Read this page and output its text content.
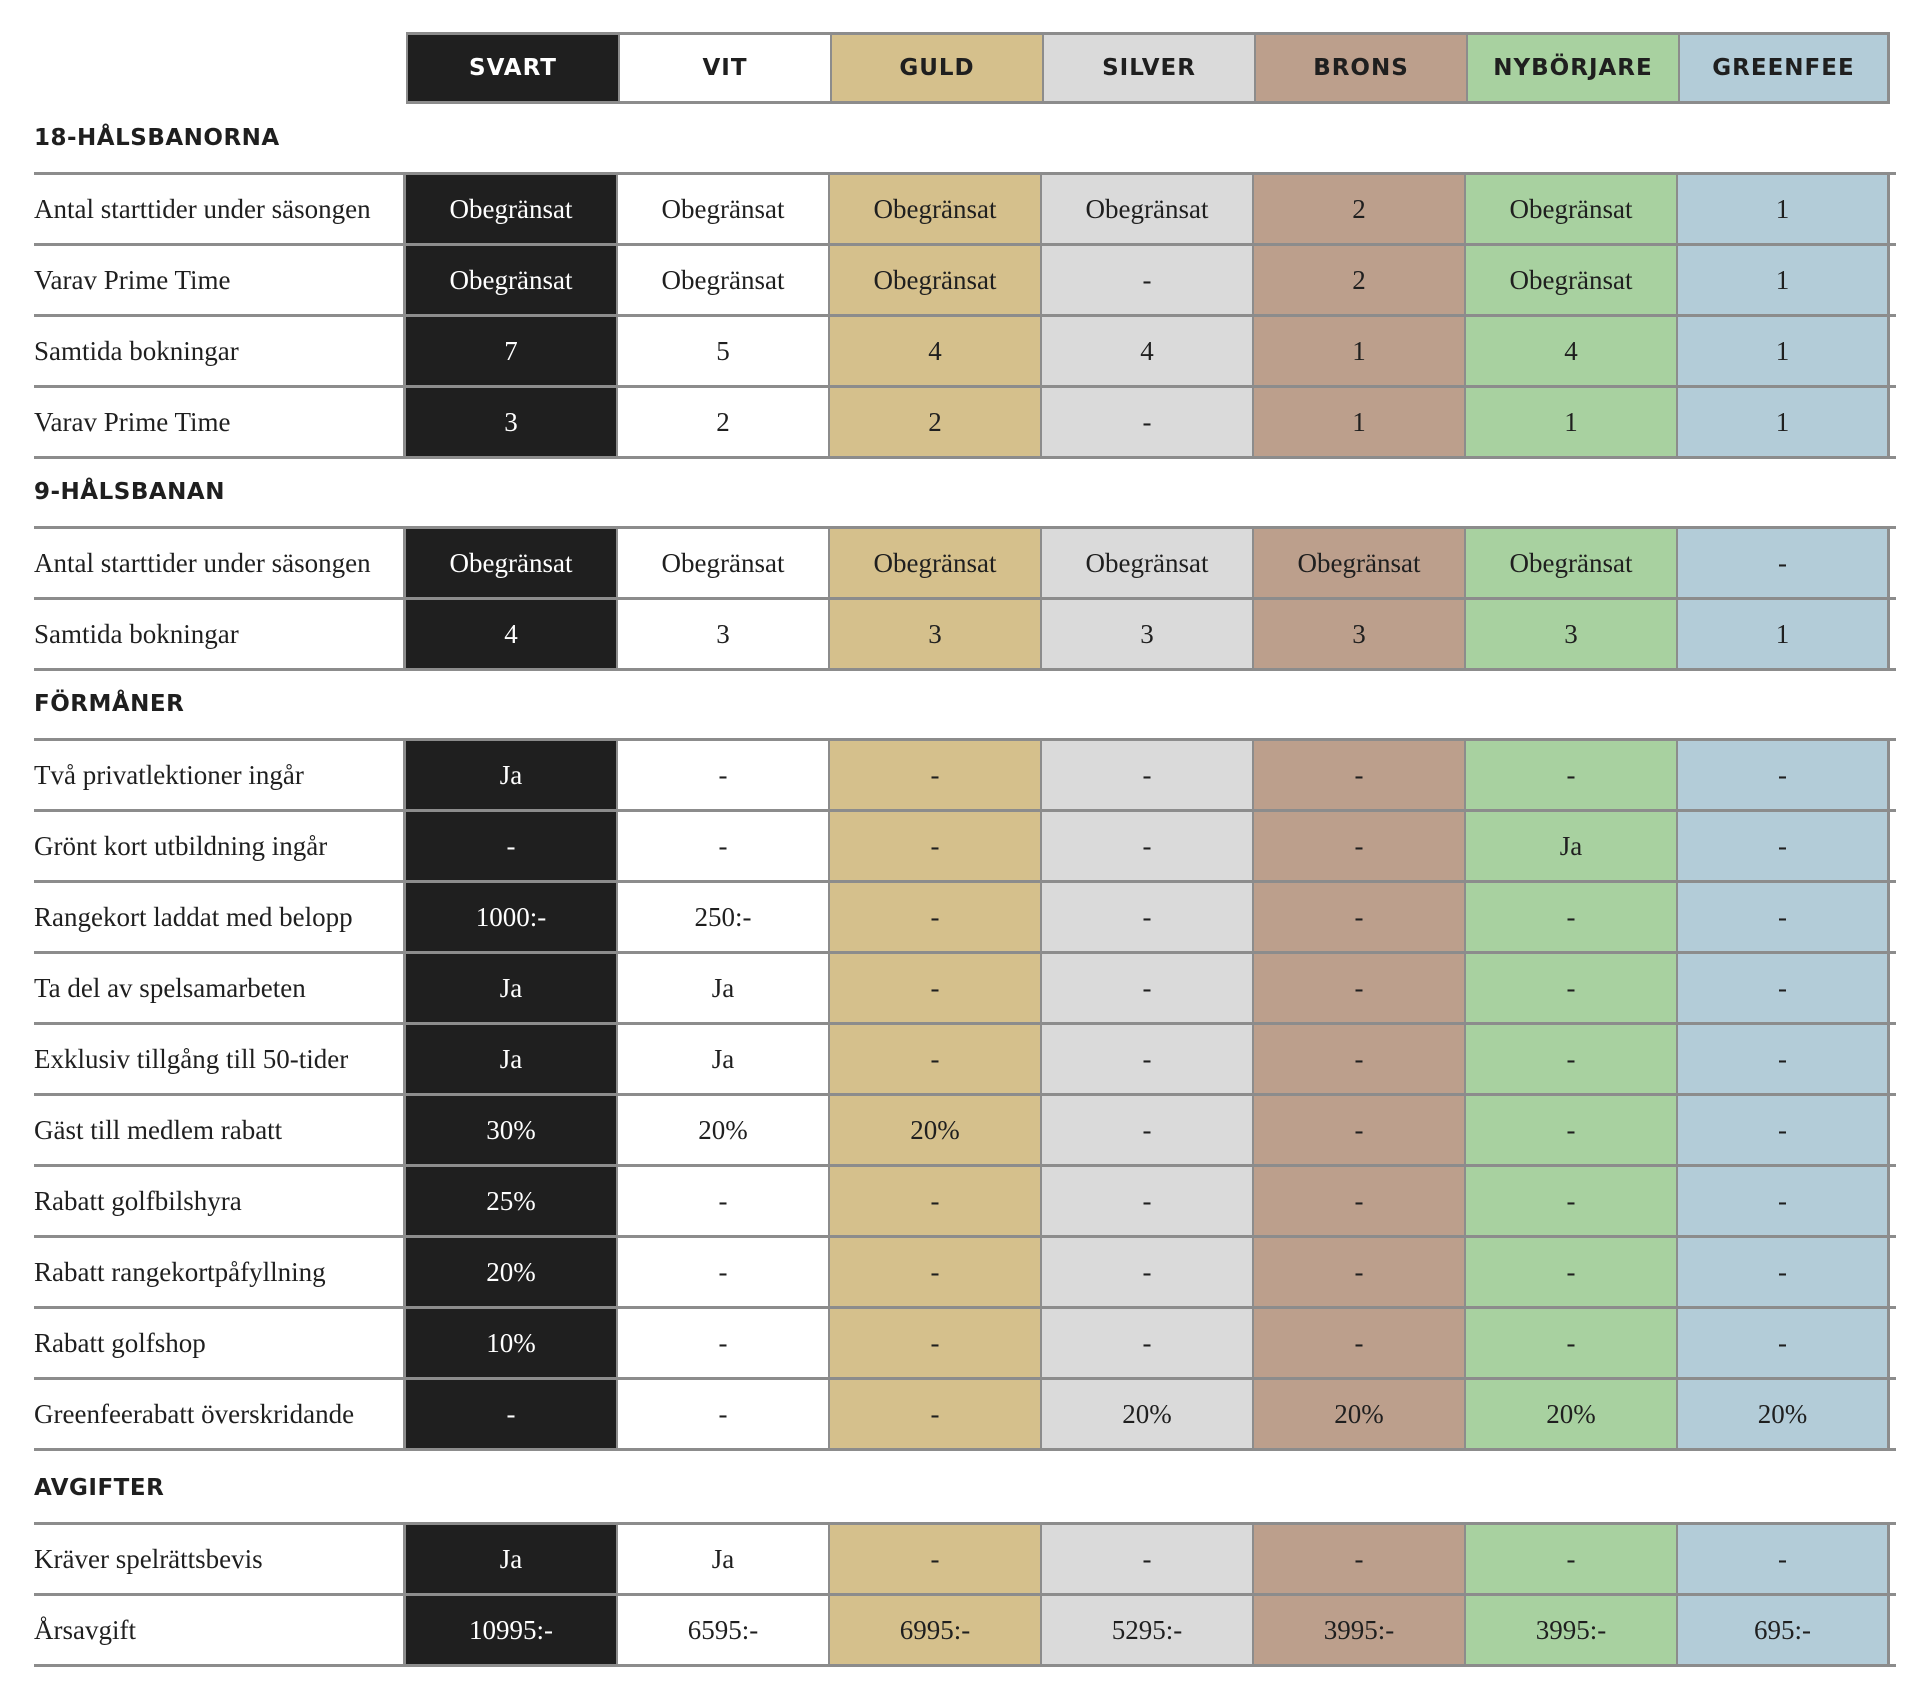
SVART	VIT	GULD	SILVER	BRONS	NYBÖRJARE	GREENFEE
18-HÅLSBANORNA
Antal starttider under säsongen	Obegränsat	Obegränsat	Obegränsat	Obegränsat	2	Obegränsat	1
Varav Prime Time	Obegränsat	Obegränsat	Obegränsat	-	2	Obegränsat	1
Samtida bokningar	7	5	4	4	1	4	1
Varav Prime Time	3	2	2	-	1	1	1
9-HÅLSBANAN
Antal starttider under säsongen	Obegränsat	Obegränsat	Obegränsat	Obegränsat	Obegränsat	Obegränsat	-
Samtida bokningar	4	3	3	3	3	3	1
FÖRMÅNER
Två privatlektioner ingår	Ja	-	-	-	-	-	-
Grönt kort utbildning ingår	-	-	-	-	-	Ja	-
Rangekort laddat med belopp	1000:-	250:-	-	-	-	-	-
Ta del av spelsamarbeten	Ja	Ja	-	-	-	-	-
Exklusiv tillgång till 50-tider	Ja	Ja	-	-	-	-	-
Gäst till medlem rabatt	30%	20%	20%	-	-	-	-
Rabatt golfbilshyra	25%	-	-	-	-	-	-
Rabatt rangekortpåfyllning	20%	-	-	-	-	-	-
Rabatt golfshop	10%	-	-	-	-	-	-
Greenfeerabatt överskridande	-	-	-	20%	20%	20%	20%
AVGIFTER
Kräver spelrättsbevis	Ja	Ja	-	-	-	-	-
Årsavgift	10995:-	6595:-	6995:-	5295:-	3995:-	3995:-	695:-
